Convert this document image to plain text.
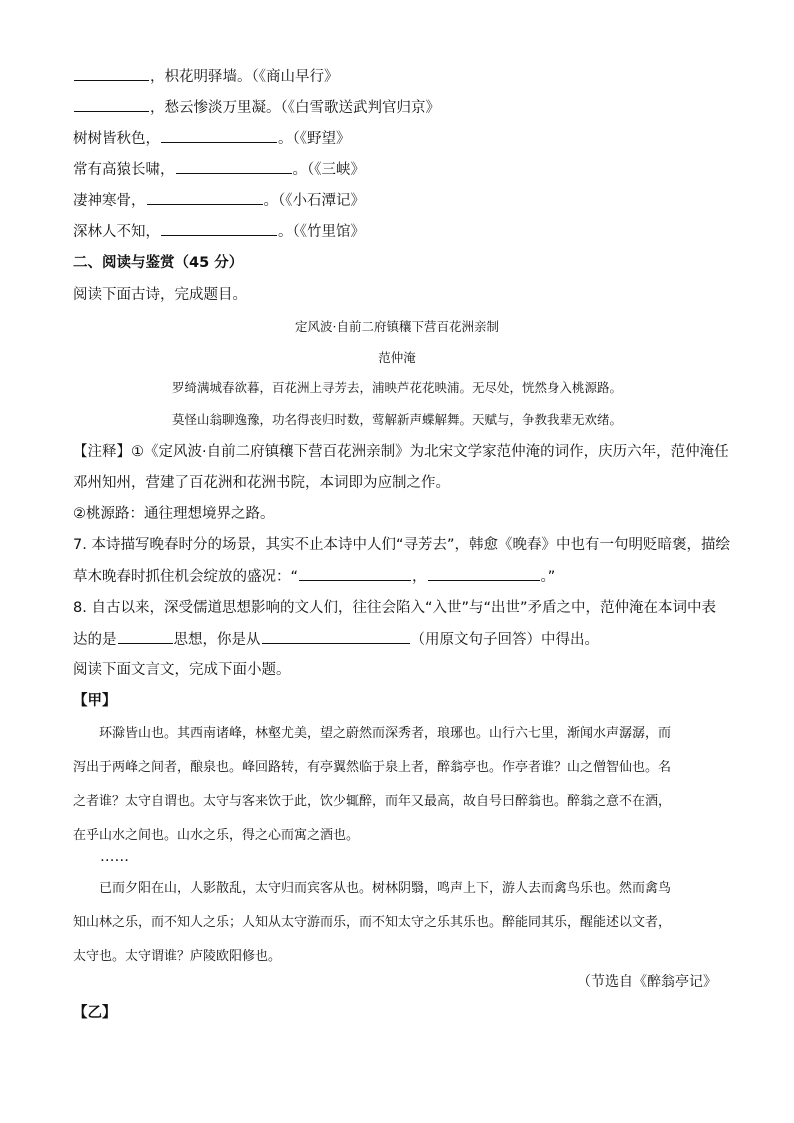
，枳花明驿墙。（《商山早行》
，愁云惨淡万里凝。（《白雪歌送武判官归京》
树树皆秋色，	。（《野望》
常有高猿长啸，	。（《三峡》
凄神寒骨，	。（《小石潭记》
深林人不知，	。（《竹里馆》
二、阅读与鉴赏（45 分）
阅读下面古诗，完成题目。
定风波·自前二府镇穰下营百花洲亲制
范仲淹
罗绮满城春欲暮，百花洲上寻芳去，浦映芦花花映浦。无尽处，恍然身入桃源路。
莫怪山翁聊逸豫，功名得丧归时数，莺解新声蝶解舞。天赋与，争教我辈无欢绪。
【注释】①《定风波·自前二府镇穰下营百花洲亲制》为北宋文学家范仲淹的词作，庆历六年，范仲淹任
邓州知州，营建了百花洲和花洲书院，本词即为应制之作。
②桃源路：通往理想境界之路。
7. 本诗描写晚春时分的场景，其实不止本诗中人们“寻芳去”，韩愈《晚春》中也有一句明贬暗褒，描绘
草木晚春时抓住机会绽放的盛况：“	，	。”
8. 自古以来，深受儒道思想影响的文人们，往往会陷入“入世”与“出世”矛盾之中，范仲淹在本词中表
达的是	思想，你是从	（用原文句子回答）中得出。
阅读下面文言文，完成下面小题。
【甲】
环滁皆山也。其西南诸峰，林壑尤美，望之蔚然而深秀者，琅琊也。山行六七里，渐闻水声潺潺，而
泻出于两峰之间者，酿泉也。峰回路转，有亭翼然临于泉上者，醉翁亭也。作亭者谁？山之僧智仙也。名
之者谁？太守自谓也。太守与客来饮于此，饮少辄醉，而年又最高，故自号曰醉翁也。醉翁之意不在酒，
在乎山水之间也。山水之乐，得之心而寓之酒也。
……
已而夕阳在山，人影散乱，太守归而宾客从也。树林阴翳，鸣声上下，游人去而禽鸟乐也。然而禽鸟
知山林之乐，而不知人之乐；人知从太守游而乐，而不知太守之乐其乐也。醉能同其乐，醒能述以文者，
太守也。太守谓谁？庐陵欧阳修也。
（节选自《醉翁亭记》
【乙】
